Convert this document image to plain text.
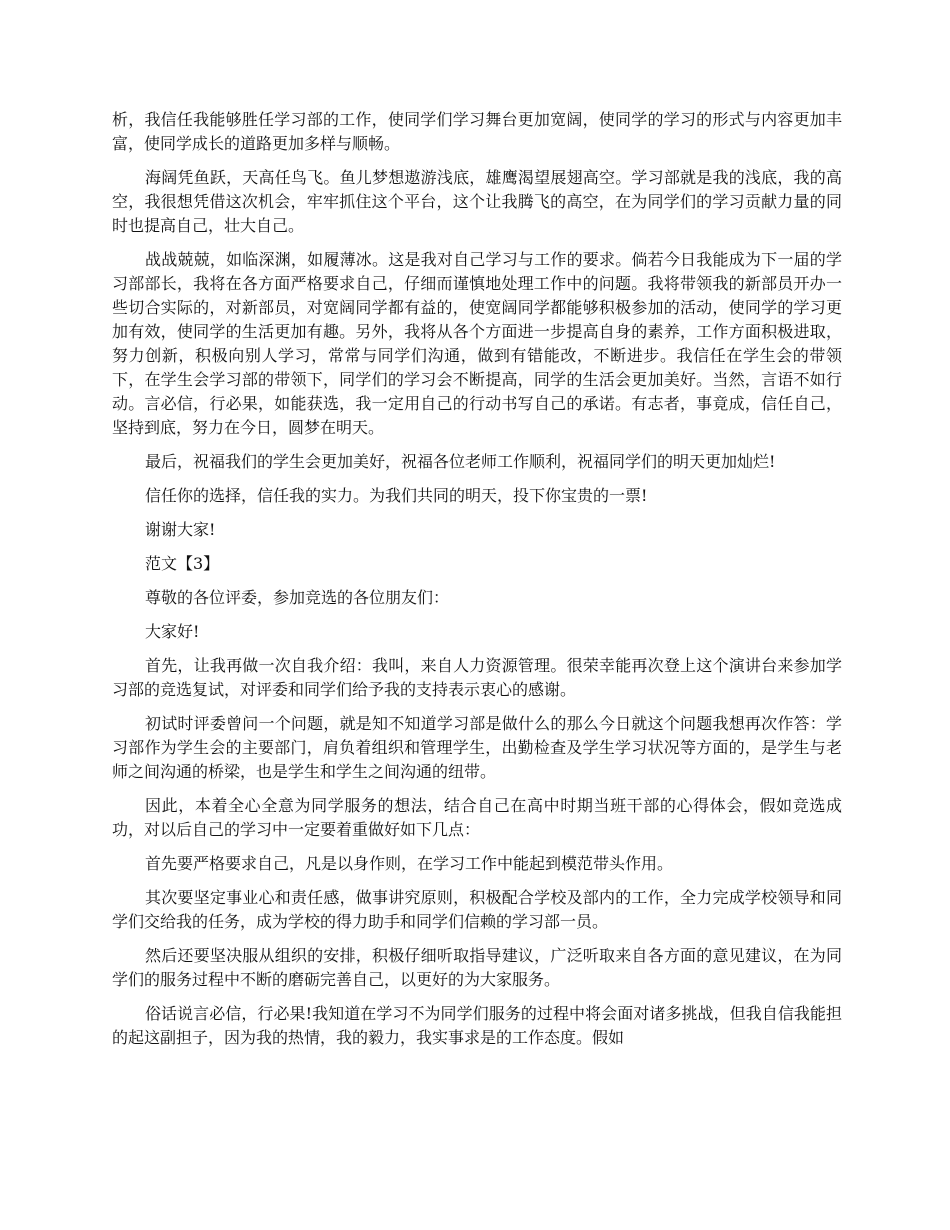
析，我信任我能够胜任学习部的工作，使同学们学习舞台更加宽阔，使同学的学习的形式与内容更加丰富，使同学成长的道路更加多样与顺畅。

海阔凭鱼跃，天高任鸟飞。鱼儿梦想遨游浅底，雄鹰渴望展翅高空。学习部就是我的浅底，我的高空，我很想凭借这次机会，牢牢抓住这个平台，这个让我腾飞的高空，在为同学们的学习贡献力量的同时也提高自己，壮大自己。

战战兢兢，如临深渊，如履薄冰。这是我对自己学习与工作的要求。倘若今日我能成为下一届的学习部部长，我将在各方面严格要求自己，仔细而谨慎地处理工作中的问题。我将带领我的新部员开办一些切合实际的，对新部员，对宽阔同学都有益的，使宽阔同学都能够积极参加的活动，使同学的学习更加有效，使同学的生活更加有趣。另外，我将从各个方面进一步提高自身的素养，工作方面积极进取，努力创新，积极向别人学习，常常与同学们沟通，做到有错能改，不断进步。我信任在学生会的带领下，在学生会学习部的带领下，同学们的学习会不断提高，同学的生活会更加美好。当然，言语不如行动。言必信，行必果，如能获选，我一定用自己的行动书写自己的承诺。有志者，事竟成，信任自己，坚持到底，努力在今日，圆梦在明天。

最后，祝福我们的学生会更加美好，祝福各位老师工作顺利，祝福同学们的明天更加灿烂!

信任你的选择，信任我的实力。为我们共同的明天，投下你宝贵的一票!

谢谢大家!

范文【3】

尊敬的各位评委，参加竞选的各位朋友们：

大家好!

首先，让我再做一次自我介绍：我叫，来自人力资源管理。很荣幸能再次登上这个演讲台来参加学习部的竞选复试，对评委和同学们给予我的支持表示衷心的感谢。

初试时评委曾问一个问题，就是知不知道学习部是做什么的那么今日就这个问题我想再次作答：学习部作为学生会的主要部门，肩负着组织和管理学生，出勤检查及学生学习状况等方面的，是学生与老师之间沟通的桥梁，也是学生和学生之间沟通的纽带。

因此，本着全心全意为同学服务的想法，结合自己在高中时期当班干部的心得体会，假如竞选成功，对以后自己的学习中一定要着重做好如下几点：

首先要严格要求自己，凡是以身作则，在学习工作中能起到模范带头作用。

其次要坚定事业心和责任感，做事讲究原则，积极配合学校及部内的工作，全力完成学校领导和同学们交给我的任务，成为学校的得力助手和同学们信赖的学习部一员。

然后还要坚决服从组织的安排，积极仔细听取指导建议，广泛听取来自各方面的意见建议，在为同学们的服务过程中不断的磨砺完善自己，以更好的为大家服务。

俗话说言必信，行必果!我知道在学习不为同学们服务的过程中将会面对诸多挑战，但我自信我能担的起这副担子，因为我的热情，我的毅力，我实事求是的工作态度。假如
